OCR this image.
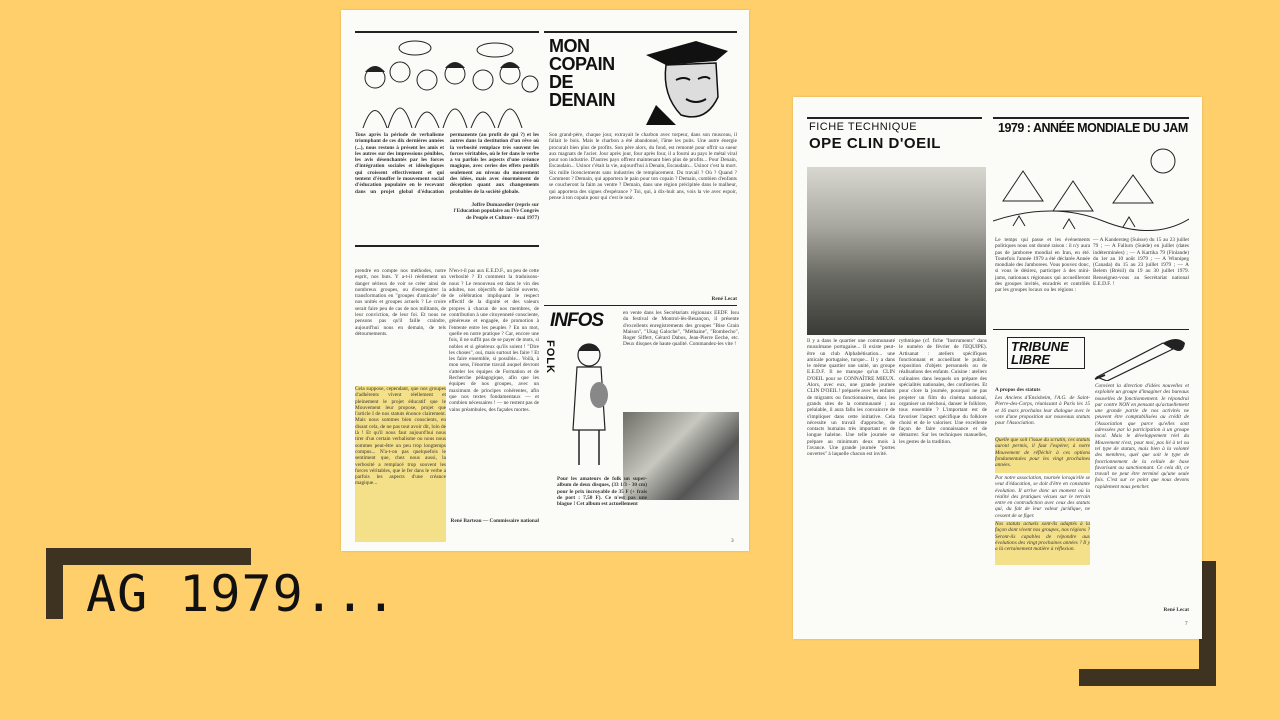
AG 1979...
Tous après la période de verbalisme triomphant de ces dix dernières années (...), nous restons à présent les amis et les autres sur des impressions pénibles, les avis désenchantés par les forces d'intégration sociales et idéologiques qui croissent effectivement et qui tentent d'étouffer le mouvement social d'éducation populaire en le recevant dans un projet global d'éducation permanente (au profit de qui ?) et les autres dans la destitution d'un rêve où la verbosité remplace très souvent les forces véritables, où le fer dans le verbe a vu parfois les aspects d'une créance magique, avec ceries des effets positifs seulement au niveau du mouvement des idées, mais avec énormément de déception quant aux changements probables de la société globale.
Joffre Dumazedier (repris sur l'Education populaire au IVe Congrès de Peuple et Culture - mai 1977)
MON COPAIN DE DENAIN
Son grand-père, chaque jour, extrayait le charbon avec torpeur, dans son musceau, il fallait le bois. Mais le charbon a été abandonné, l'âme les puits. Une autre énergie procurait bien plus de profits. Son père alors, du fond, est remonté pour offrir sa sueur aux magnats de l'acier. Jour après jour, four après four, il a fourni au pays le métal viral pour son industrie. D'autres pays offrent maintenant bien plus de profits... Pour Denain, Escaudain... Usinor c'était la vie, aujourd'hui à Denain, Escaudain... Usinor c'est la mort. Six mille licenciements sans industries de remplacement. Du travail ? Où ? Quand ? Comment ? Demain, qui apportera le pain pour ton copain ? Demain, combien d'enfants se coucheront la faim au ventre ? Demain, dans une région précipitée dans le malheur, qui apportera des signes d'espérance ? Toi, qui, à dix-huit ans, vois la vie avec espoir, pense à ton copain pour qui c'est le noir.
René Lecat
prendre en compte nos méthodes, notre esprit, nos buts. Y a-t-il réellement un danger sérieux de voir se créer ainsi de nombreux groupes, ou d'enregistrer la transformation en "groupes d'amicale" de nos unités et groupes actuels ? Le croire serait faire peu de cas de nos militants, de leur conviction, de leur foi. Et nous ne pensons pas qu'il faille craindre, aujourd'hui nous en demain, de tels détournements.
Cela suppose, cependant, que nos groupes d'adhérents vivent réellement et pleinement le projet éducatif que le Mouvement leur propose, projet que l'article I de nos statuts énonce clairement. Mais nous sommes bien conscients, en disant cela, de ne pas tout avoir dit, loin de là ! Et qu'il nous faut aujourd'hui nous tirer d'un certain verbalisme ou nous nous sommes peut-être un peu trop longtemps compus... N'a-t-on pas quelquefois le sentiment que, chez nous aussi, la verbosité a remplacé trop souvent les forces véritables, que le fer dans le verbe a parfois les aspects d'une créance magique...
N'en-t-il pas aux E.E.D.F., un peu de cette verbosité ? Et comment la traduisons-nous ? Le renouveau est dans le vin des adultes, nos objectifs de laïcité ouverte, de célébration impliquant le respect effectif de la dignité et des valeurs propres à chacun de nos membres, de contribution à une citoyenneté consciente, généreuse et engagée, de promotion à l'entente entre les peuples ? En un mot, quelle en notre pratique ? Car, encore une fois, il ne suffit pas de se payer de mots, si nobles et si généreux qu'ils soient ! "Dire les choses", oui, mais surtout les faire ! Et les faire ensemble, si possible... Voilà, à mon sens, l'énorme travail auquel devront s'atteler les équipes de Formation et de Recherche pédagogique, afin que les équipes de nos groupes, avec un maximum de principes cohérentes, afin que nos textes fondamentaux — et combien nécessaires ! — ne restent pas de vains préambules, des façades mortes.
René Barteau — Commissaire national
INFOS
FOLK
en vente dans les Secrétariats régionaux EEDF. Issu du festival de Montrol-lès-Besançon, il présente d'excellents enregistrements des groupes "Bise Grain Maison", "Ukag Galoche", "Méthaine", "Bombecho", Roger Siffert, Gérard Dabos, Jean-Pierre Eeche, etc. Deux disques de haute qualité. Commandez-les vite !
Pour les amateurs de folk un super-album de deux disques, (33 1/3 - 30 cm) pour le prix incroyable de 35 F (+ frais de port : 7,50 F). Ce n'est pas une blague ! Cet album est actuellement
3
FICHE TECHNIQUE
OPE CLIN D'OEIL
Il y a dans le quartier une communauté musulmane portugaise... Il existe peut-être un club Alphabétisation... une amicale portugaise, turque... Il y a dans le même quartier une unité, un groupe E.E.D.F. Il ne manque qu'un CLIN D'OEIL pour se CONNAÎTRE MIEUX. Alors, avec eux, une grande journée CLIN D'OEIL ! préparée avec les enfants de migrants ou fonctionnaires, dans les grands sites de la communauté ; au préalable, il aura fallu les convaincre de s'impliquer dans cette initiative. Cela nécessite un travail d'approche, de contacts humains très important et de longue haleine. Une telle journée se prépare au minimum deux mois à l'avance. Une grande journée "portes ouvertes" à laquelle chacun est invité.
rythmique (cf. fiche "Instruments" dans le numéro de février de l'EQUIPE). Artisanat : ateliers spécifiques fonctionnant et accueillant le public, exposition d'objets personnels ou de réalisations des enfants. Cuisine : ateliers culinaires dans lesquels on prépare des spécialités nationales, des confiseries. Et pour clore la journée, pourquoi ne pas projeter un film du cinéma national, organiser un méchoui, danser le folklore, tous ensemble ? L'important est de favoriser l'aspect spécifique du folklore choisi et de le valoriser. Une excellente façon de faire connaissance et de démarrer. Sur les techniques manuelles, les gestes de la tradition.
1979 : ANNÉE MONDIALE DU JAM
Le temps qui passe et les événements politiques nous ont donné raison : il n'y aura pas de jamboree mondial en Iran, en été. Toutefois l'année 1979 a été déclarée Année mondiale des Jamborees. Vous pouvez donc, si vous le désirez, participer à des mini-jams, nationaux régionaux qui accueilleront des groupes invités, encadrés et contrôlés par les groupes locaux ou les régions :
— A Kandersteg (Suisse) du 15 au 23 juillet 79 ; — A Fallurn (Suède) en juillet (dates indéterminées) ; — A Kartika 79 (Finlande) du 1er au 10 août 1979 ; — A Winnipeg (Canada) du 15 au 23 juillet 1979 ; — A Belem (Brésil) du 19 au 30 juillet 1979. Renseignez-vous au Secrétariat national E.E.D.F. !
TRIBUNE LIBRE
A propos des statuts
Les Anciens d'Ensisheim, l'A.G. de Saint-Pierre-des-Corps, réunissant à Paris les 15 et 16 mars prochains leur dialogue avec le vote d'une proposition sur nouveaux statuts pour l'Association.
Quelle que soit l'issue du scrutin, ces statuts auront permis, il faut l'espérer, à notre Mouvement de réfléchir à ces options fondamentales pour les vingt prochaines années.
Par notre association, tournée lorsqu'elle se veut d'éducation, se doit d'être en constante évolution. Il arrive donc un moment où la réalité des pratiques vécues sur le terrain entre en contradiction avec ceux des statuts qui, du fait de leur valeur juridique, ne cessent de se figer.
Nos statuts actuels sont-ils adaptés à la façon dont vivent nos groupes, nos régions ? Seront-ils capables de répondre aux évolutions des vingt prochaines années ? Il y a là certainement matière à réflexion.
Convient la direction d'idées nouvelles et exploitée un groupe d'imaginer des bureaux nouvelles de fonctionnement. Je répondrai par contre NON en pensant qu'actuellement une grande partie de nos activités ne peuvent être comptabilisées au crédit de l'Association que parce qu'elles sont adressées par la participation à un groupe local. Mais le développement réel du Mouvement n'est, pour moi, pas lié à tel ou tel type de statuts, mais bien à la volonté des membres, quel que soit le type de fonctionnement de la cellule de base favorisant ou sanctionnant. Ce cela dit, ce travail ne peut être terminé qu'une seule fois. C'est sur ce point que nous devons rapidement nous pencher.
René Lecat
7
